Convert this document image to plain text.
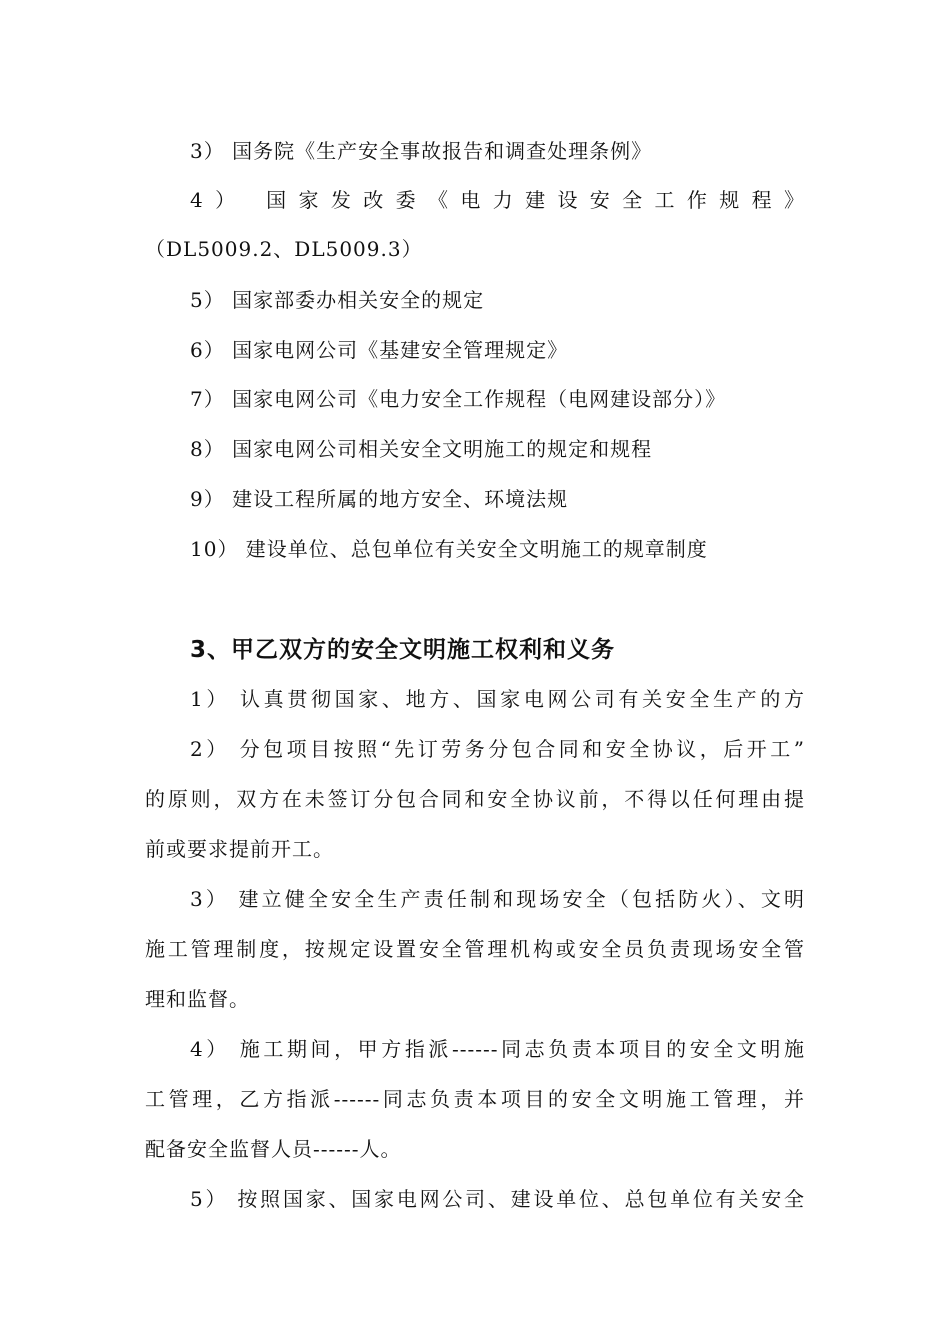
3） 国务院《生产安全事故报告和调查处理条例》
4） 国家发改委《电力建设安全工作规程》
（DL5009.2、DL5009.3）
5） 国家部委办相关安全的规定
6） 国家电网公司《基建安全管理规定》
7） 国家电网公司《电力安全工作规程（电网建设部分）》
8） 国家电网公司相关安全文明施工的规定和规程
9） 建设工程所属的地方安全、环境法规
10） 建设单位、总包单位有关安全文明施工的规章制度
3、甲乙双方的安全文明施工权利和义务
1） 认真贯彻国家、地方、国家电网公司有关安全生产的方
2） 分包项目按照“先订劳务分包合同和安全协议，后开工”
的原则，双方在未签订分包合同和安全协议前，不得以任何理由提
前或要求提前开工。
3） 建立健全安全生产责任制和现场安全（包括防火）、文明
施工管理制度，按规定设置安全管理机构或安全员负责现场安全管
理和监督。
4） 施工期间，甲方指派------同志负责本项目的安全文明施
工管理，乙方指派------同志负责本项目的安全文明施工管理，并
配备安全监督人员------人。
5） 按照国家、国家电网公司、建设单位、总包单位有关安全
